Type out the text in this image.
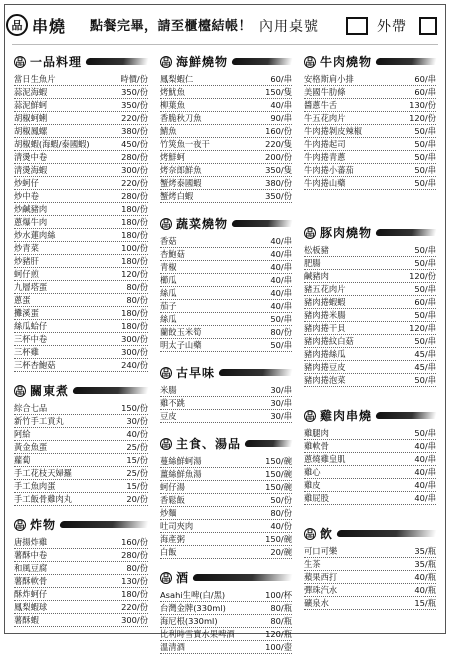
品 串燒 點餐完畢，請至櫃檯結帳！ 內用桌號	外帶
品 一品料理
當日生魚片	時價/份
蒜泥海蝦	350/份
蒜泥鮮蚵	350/份
胡椒蚵蜊	220/份
胡椒鳳螺	380/份
胡椒蝦(海蝦/泰國蝦)	450/份
清燙中卷	280/份
清燙海蝦	300/份
炒蚵仔	220/份
炒中卷	280/份
炒鹹豬肉	180/份
蔥爆牛肉	180/份
炒水蓮肉絲	180/份
炒青菜	100/份
炒豬肝	180/份
蚵仔煎	120/份
九層塔蛋	80/份
蔥蛋	80/份
攤溪蛋	180/份
絲瓜蛤仔	180/份
三杯中卷	300/份
三杯雞	300/份
三杯杏鮑菇	240/份
品 關東煮
綜合七品	150/份
新竹手工貢丸	30/份
阿給	40/份
黃金魚蛋	25/份
蘿蔔	15/份
手工花枝天婦羅	25/份
手工魚肉蛋	15/份
手工飯骨雞肉丸	20/份
品 炸物
唐揚炸雞	160/份
薯酥中卷	280/份
和風豆腐	80/份
薯酥軟骨	130/份
酥炸蚵仔	180/份
鳳梨蝦球	220/份
薯酥蝦	300/份
品 海鮮燒物
鳳梨蝦仁	60/串
烤魷魚	150/隻
柳葉魚	40/串
香脆秋刀魚	90/串
鯖魚	160/份
竹筴魚一夜干	220/隻
烤鮮蚵	200/份
烤奈郎鮮魚	350/隻
蟹烤泰國蝦	380/份
蟹烤白蝦	350/份
品 蔬菜燒物
香菇	40/串
杏鮑菇	40/串
青椒	40/串
櫛瓜	40/串
絲瓜	40/串
茄子	40/串
絲瓜	50/串
蘭餃玉米筍	80/份
明太子山藥	50/串
品 古早味
米腸	30/串
雞不跳	30/串
豆皮	30/串
品 主食、湯品
蔓絲鮮蚵湯	150/碗
薑絲鮮魚湯	150/碗
蚵仔湯	150/碗
香鬆飯	50/份
炒麵	80/份
吐司夾肉	40/份
海產粥	150/碗
白飯	20/碗
品 酒
Asahi生啤(白/黑)	100/杯
台灣金牌(330ml)	80/瓶
海尼根(330ml)	80/瓶
比利時雪寶水果啤酒	120/瓶
溫清酒	100/壺
品 牛肉燒物
安格斯肩小排	60/串
美國牛肋條	60/串
醬蔥牛舌	130/份
牛五花肉片	120/份
牛肉捲剝皮辣椒	50/串
牛肉捲起司	50/串
牛肉捲青蔥	50/串
牛肉捲小蕃茄	50/串
牛肉捲山藥	50/串
品 豚肉燒物
松板豬	50/串
肥腸	50/串
鹹豬肉	120/份
豬五花肉片	50/串
豬肉捲蝦蝦	60/串
豬肉捲米腸	50/串
豬肉捲干貝	120/串
豬肉捲紋白菇	50/串
豬肉捲絲瓜	45/串
豬肉捲豆皮	45/串
豬肉捲泡菜	50/串
品 雞肉串燒
雞腿肉	50/串
雞軟骨	40/串
蔥燒雞皇肌	40/串
雞心	40/串
雞皮	40/串
雞屁股	40/串
品 飲
可口可樂	35/瓶
生茶	35/瓶
蘋果西打	40/瓶
彈珠汽水	40/瓶
礦泉水	15/瓶
